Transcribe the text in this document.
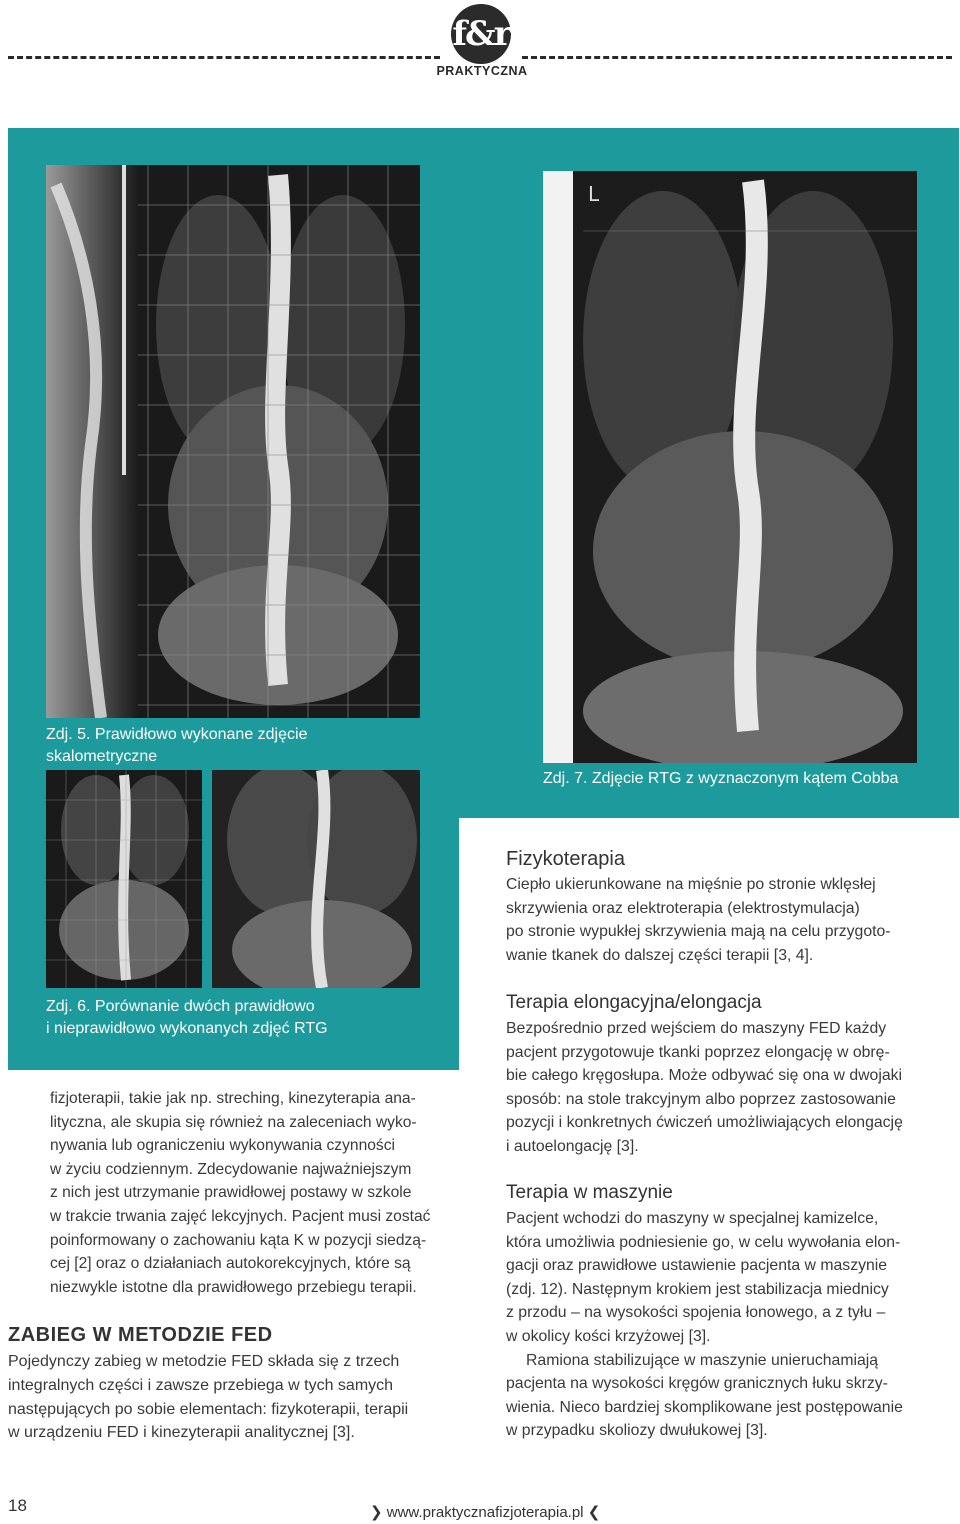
f&r
PRAKTYCZNA
Zdj. 5. Prawidłowo wykonane zdjęcie
skalometryczne
L
Zdj. 7. Zdjęcie RTG z wyznaczonym kątem Cobba
Zdj. 6. Porównanie dwóch prawidłowo
i nieprawidłowo wykonanych zdjęć RTG
fizjoterapii, takie jak np. streching, kinezyterapia ana-
lityczna, ale skupia się również na zaleceniach wyko-
nywania lub ograniczeniu wykonywania czynności
w życiu codziennym. Zdecydowanie najważniejszym
z nich jest utrzymanie prawidłowej postawy w szkole
w trakcie trwania zajęć lekcyjnych. Pacjent musi zostać
poinformowany o zachowaniu kąta K w pozycji siedzą-
cej [2] oraz o działaniach autokorekcyjnych, które są
niezwykle istotne dla prawidłowego przebiegu terapii.
ZABIEG W METODZIE FED
Pojedynczy zabieg w metodzie FED składa się z trzech
integralnych części i zawsze przebiega w tych samych
następujących po sobie elementach: fizykoterapii, terapii
w urządzeniu FED i kinezyterapii analitycznej [3].
Fizykoterapia
Ciepło ukierunkowane na mięśnie po stronie wklęsłej
skrzywienia oraz elektroterapia (elektrostymulacja)
po stronie wypukłej skrzywienia mają na celu przygoto-
wanie tkanek do dalszej części terapii [3, 4].
Terapia elongacyjna/elongacja
Bezpośrednio przed wejściem do maszyny FED każdy
pacjent przygotowuje tkanki poprzez elongację w obrę-
bie całego kręgosłupa. Może odbywać się ona w dwojaki
sposób: na stole trakcyjnym albo poprzez zastosowanie
pozycji i konkretnych ćwiczeń umożliwiających elongację
i autoelongację [3].
Terapia w maszynie
Pacjent wchodzi do maszyny w specjalnej kamizelce,
która umożliwia podniesienie go, w celu wywołania elon-
gacji oraz prawidłowe ustawienie pacjenta w maszynie
(zdj. 12). Następnym krokiem jest stabilizacja miednicy
z przodu – na wysokości spojenia łonowego, a z tyłu –
w okolicy kości krzyżowej [3].
Ramiona stabilizujące w maszynie unieruchamiają
pacjenta na wysokości kręgów granicznych łuku skrzy-
wienia. Nieco bardziej skomplikowane jest postępowanie
w przypadku skoliozy dwułukowej [3].
18	❯ www.praktycznafizjoterapia.pl ❮
